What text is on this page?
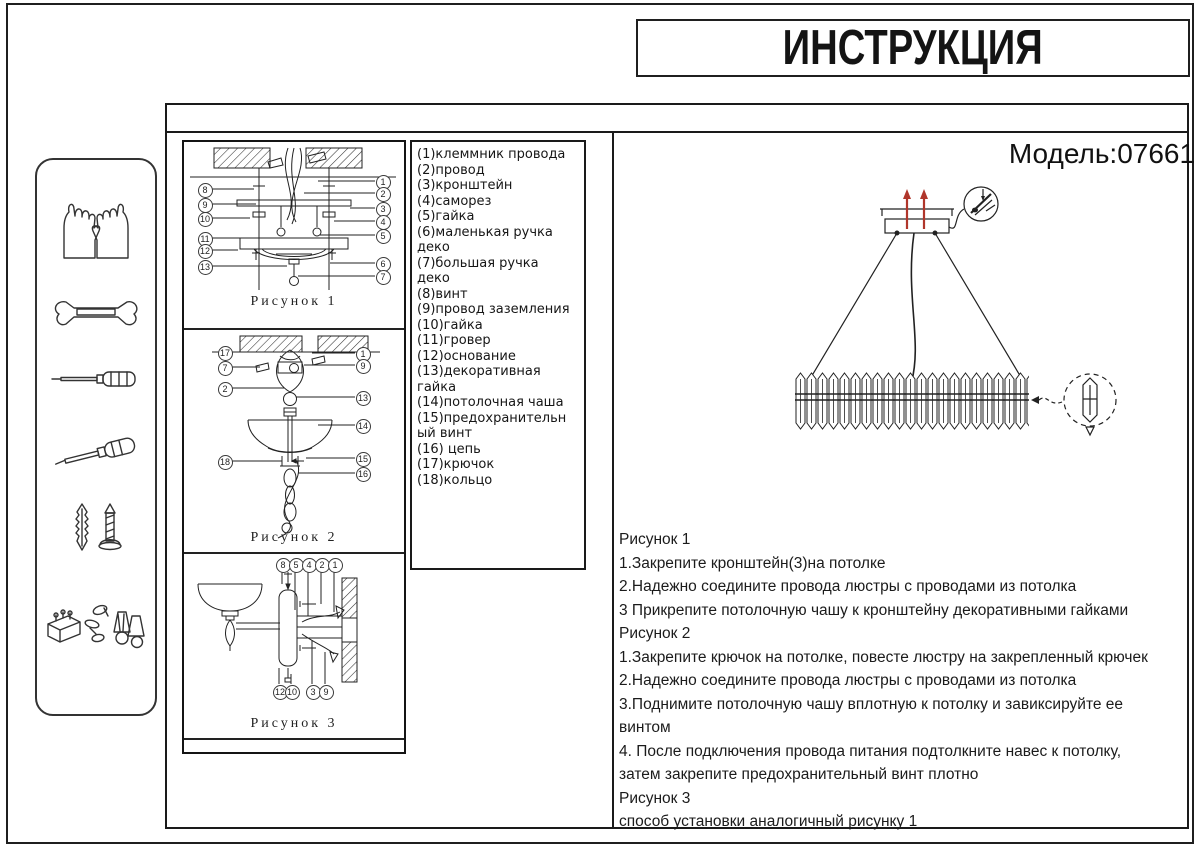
ИНСТРУКЦИЯ
8
9
10
11
12
13
1
2
3
4
5
6
7
Рисунок 1
17
7
2
18
1
9
13
14
15
16
Рисунок 2
8 5 4 2 1
12 10	3 9
Рисунок 3
(1)клеммник провода
(2)провод
(3)кронштейн
(4)саморез
(5)гайка
(6)маленькая ручка деко
(7)большая ручка деко
(8)винт
(9)провод заземления
(10)гайка
(11)гровер
(12)основание
(13)декоративная гайка
(14)потолочная чаша
(15)предохранительный винт
(16) цепь
(17)крючок
(18)кольцо
Модель:07661

Рисунок 1

1.Закрепите кронштейн(3)на потолке

2.Надежно соедините провода люстры с проводами из потолка

3 Прикрепите потолочную чашу к кронштейну декоративными гайками

Рисунок 2

1.Закрепите крючок на потолке, повесте люстру на закрепленный крючек

2.Надежно соедините провода люстры с проводами из потолка

3.Поднимите потолочную чашу вплотную к потолку и завиксируйте ее винтом

4. После подключения провода питания подтолкните навес к потолку, затем закрепите предохранительный винт плотно

Рисунок 3

способ установки аналогичный рисунку 1
